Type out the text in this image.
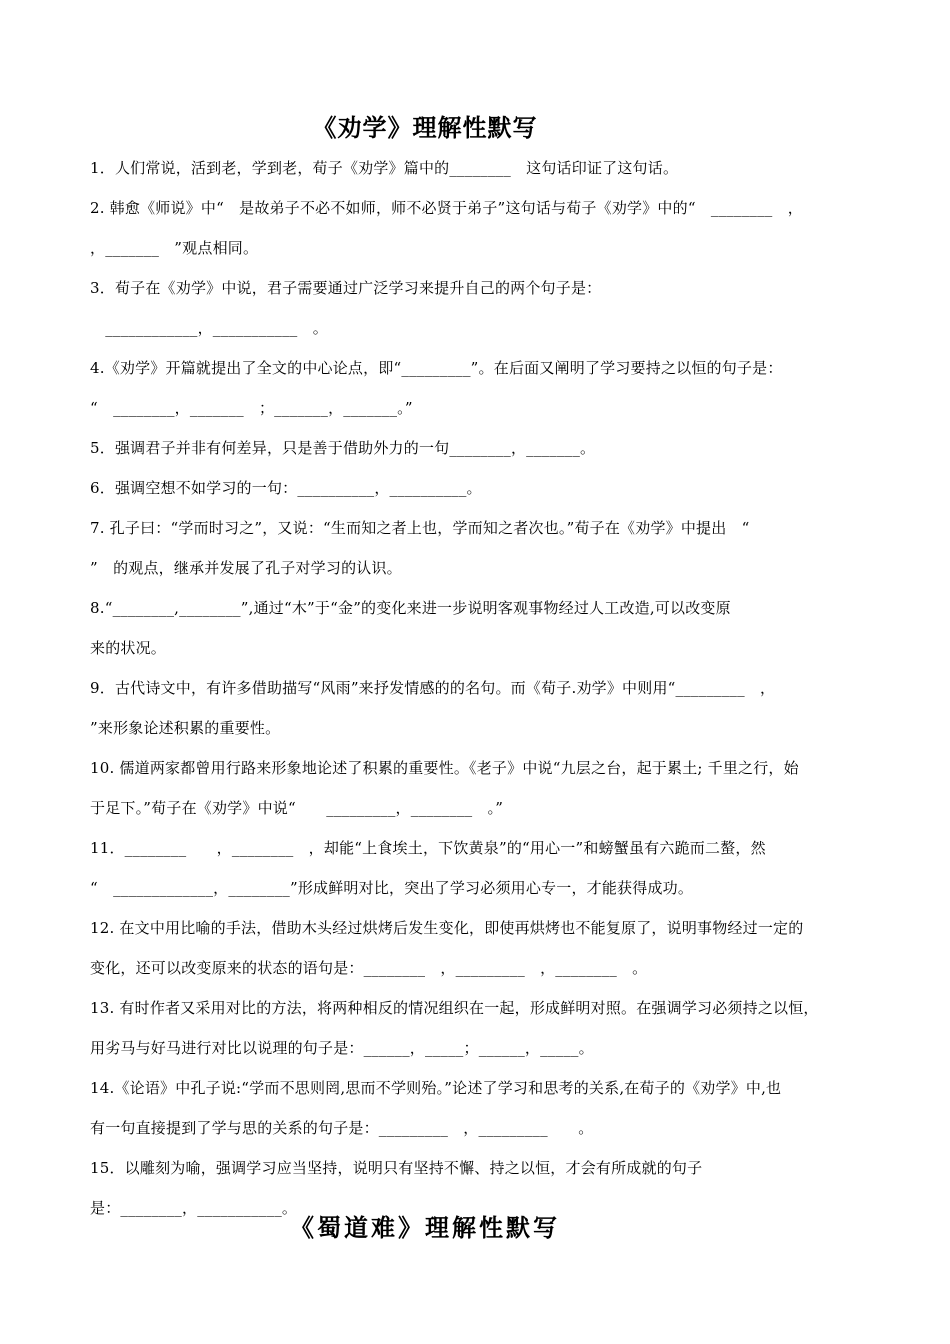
《劝学》理解性默写
1．人们常说，活到老，学到老，荀子《劝学》篇中的________　这句话印证了这句话。
2. 韩愈《师说》中“　是故弟子不必不如师，师不必贤于弟子”这句话与荀子《劝学》中的“　________　，
，_______　”观点相同。
3．荀子在《劝学》中说，君子需要通过广泛学习来提升自己的两个句子是：
　____________，___________　。
4.《劝学》开篇就提出了全文的中心论点，即“_________”。在后面又阐明了学习要持之以恒的句子是：
“　________，_______　；_______，_______。”
5．强调君子并非有何差异，只是善于借助外力的一句________，_______。
6．强调空想不如学习的一句：__________，__________。
7. 孔子曰：“学而时习之”，又说：“生而知之者上也，学而知之者次也。”荀子在《劝学》中提出　“
”　的观点，继承并发展了孔子对学习的认识。
8.“________,________”,通过“木”于“金”的变化来进一步说明客观事物经过人工改造,可以改变原
来的状况。
9．古代诗文中，有许多借助描写“风雨”来抒发情感的的名句。而《荀子.劝学》中则用“_________　，
”来形象论述积累的重要性。
10. 儒道两家都曾用行路来形象地论述了积累的重要性。《老子》中说“九层之台，起于累土; 千里之行，始
于足下。”荀子在《劝学》中说“　　_________，________　。”
11．________　　，________　，却能“上食埃土，下饮黄泉”的“用心一”和螃蟹虽有六跪而二螯，然
“　_____________，________”形成鲜明对比，突出了学习必须用心专一，才能获得成功。
12. 在文中用比喻的手法，借助木头经过烘烤后发生变化，即使再烘烤也不能复原了，说明事物经过一定的
变化，还可以改变原来的状态的语句是：________　，_________　，________　。
13. 有时作者又采用对比的方法，将两种相反的情况组织在一起，形成鲜明对照。在强调学习必须持之以恒，
用劣马与好马进行对比以说理的句子是：______，_____；______，_____。
14.《论语》中孔子说:“学而不思则罔,思而不学则殆。”论述了学习和思考的关系,在荀子的《劝学》中,也
有一句直接提到了学与思的关系的句子是：_________　，_________　　。
15．以雕刻为喻，强调学习应当坚持，说明只有坚持不懈、持之以恒，才会有所成就的句子
是：________，___________。
《蜀道难》理解性默写
